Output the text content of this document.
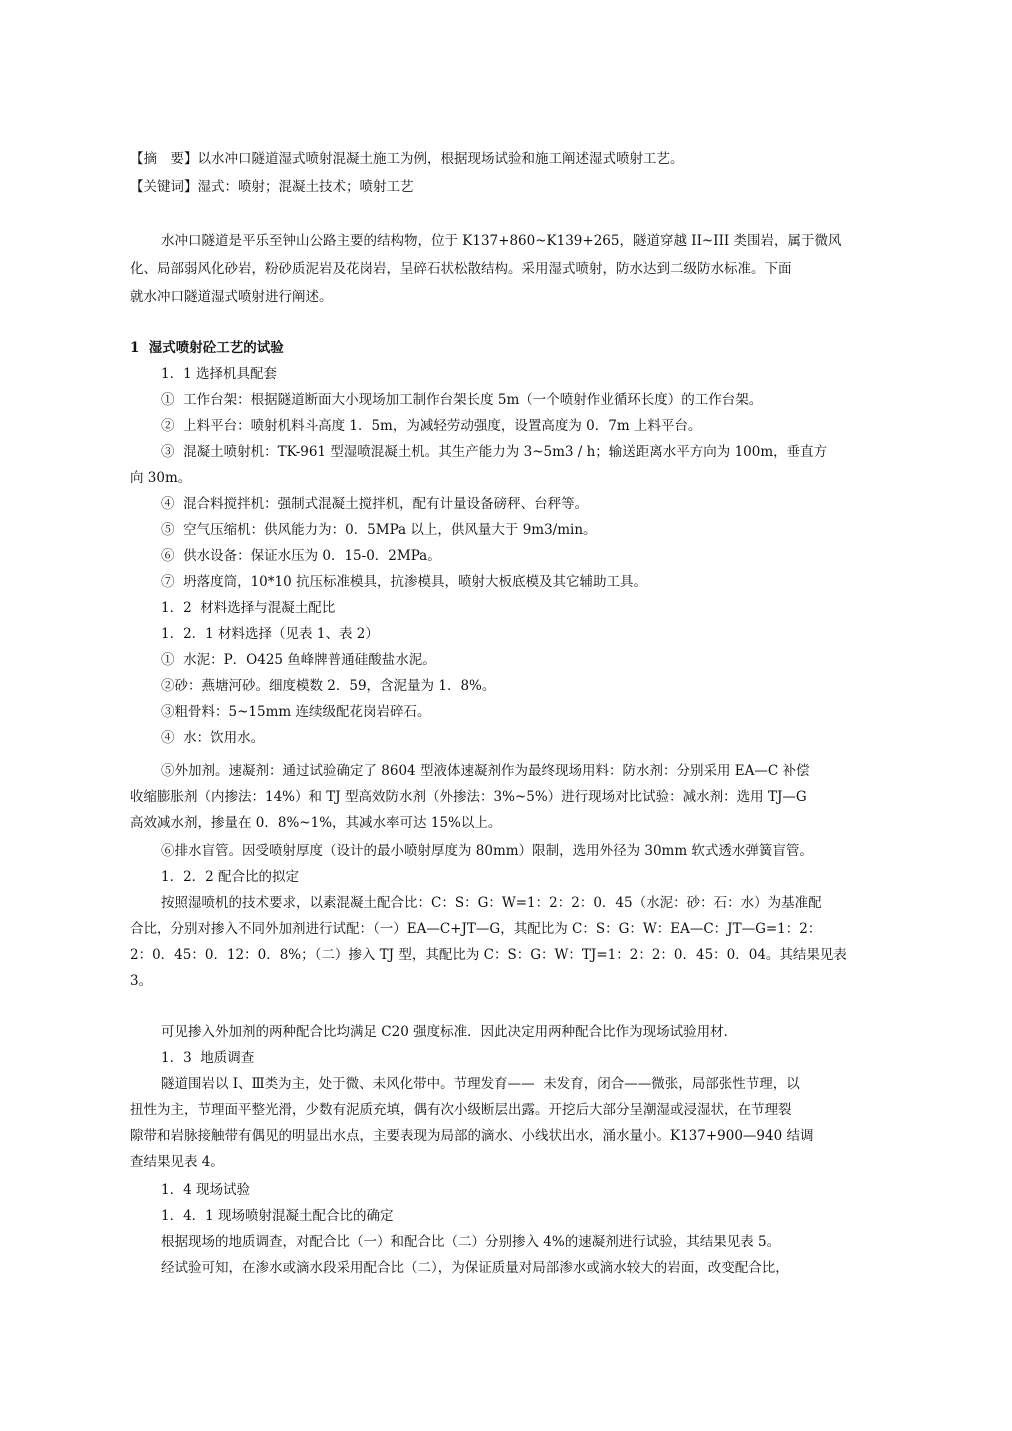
【摘　要】以水冲口隧道湿式喷射混凝土施工为例，根据现场试验和施工阐述湿式喷射工艺。
【关键词】湿式：喷射；混凝土技术；喷射工艺
水冲口隧道是平乐至钟山公路主要的结构物，位于 K137+860~K139+265，隧道穿越 II~III 类围岩，属于微风
化、局部弱风化砂岩，粉砂质泥岩及花岗岩，呈碎石状松散结构。采用湿式喷射，防水达到二级防水标准。下面
就水冲口隧道湿式喷射进行阐述。
1  湿式喷射砼工艺的试验
1．1 选择机具配套
①  工作台架：根据隧道断面大小现场加工制作台架长度 5m（一个喷射作业循环长度）的工作台架。
②  上料平台：喷射机料斗高度 1．5m，为减轻劳动强度，设置高度为 0．7m 上料平台。
③  混凝土喷射机：TK-961 型湿喷混凝土机。其生产能力为 3~5m3 / h；输送距离水平方向为 100m，垂直方
向 30m。
④  混合料搅拌机：强制式混凝土搅拌机，配有计量设备磅秤、台秤等。
⑤  空气压缩机：供风能力为：0．5MPa 以上，供风量大于 9m3/min。
⑥  供水设备：保证水压为 0．15-0．2MPa。
⑦  坍落度筒，10*10 抗压标准模具，抗渗模具，喷射大板底模及其它辅助工具。
1．2  材料选择与混凝土配比
1．2．1 材料选择（见表 1、表 2）
①  水泥：P．O425 鱼峰牌普通硅酸盐水泥。
②砂：燕塘河砂。细度模数 2．59，含泥量为 1．8%。
③粗骨料：5~15mm 连续级配花岗岩碎石。
④  水：饮用水。
⑤外加剂。速凝剂：通过试验确定了 8604 型液体速凝剂作为最终现场用料：防水剂：分别采用 EA—C 补偿
收缩膨胀剂（内掺法：14%）和 TJ 型高效防水剂（外掺法：3%~5%）进行现场对比试验：减水剂：选用 TJ—G
高效减水剂，掺量在 0．8%~1%，其减水率可达 15%以上。
⑥排水盲管。因受喷射厚度（设计的最小喷射厚度为 80mm）限制，选用外径为 30mm 软式透水弹簧盲管。
1．2．2 配合比的拟定
按照湿喷机的技术要求，以素混凝土配合比：C：S：G：W=1：2：2：0．45（水泥：砂：石：水）为基准配
合比，分别对掺入不同外加剂进行试配：（一）EA—C+JT—G，其配比为 C：S：G：W：EA—C：JT—G=1：2：
2：0．45：0．12：0．8%；（二）掺入 TJ 型，其配比为 C：S：G：W：TJ=1：2：2：0．45：0．04。其结果见表
3。
可见掺入外加剂的两种配合比均满足 C20 强度标准．因此决定用两种配合比作为现场试验用材．
1．3  地质调查
隧道围岩以 I、Ⅲ类为主，处于微、未风化带中。节理发育——  未发育，闭合——微张，局部张性节理，以
扭性为主，节理面平整光滑，少数有泥质充填，偶有次小级断层出露。开挖后大部分呈潮湿或浸湿状，在节理裂
隙带和岩脉接触带有偶见的明显出水点，主要表现为局部的滴水、小线状出水，涌水量小。K137+900—940 结调
查结果见表 4。
1．4 现场试验
1．4．1 现场喷射混凝土配合比的确定
根据现场的地质调查，对配合比（一）和配合比（二）分别掺入 4%的速凝剂进行试验，其结果见表 5。
经试验可知，在渗水或滴水段采用配合比（二），为保证质量对局部渗水或滴水较大的岩面，改变配合比，
